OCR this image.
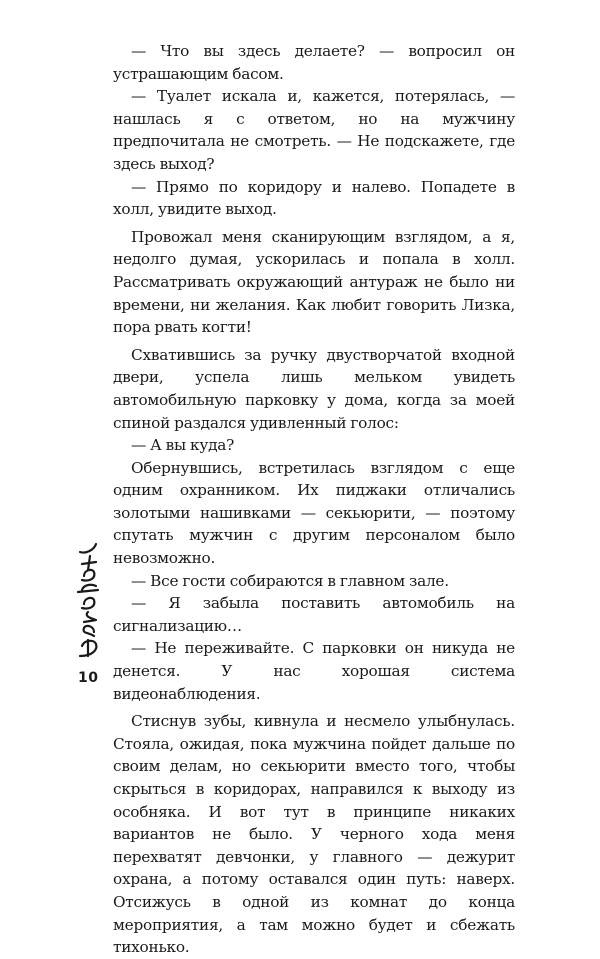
— Что вы здесь делаете? — вопросил он устрашающим басом.

— Туалет искала и, кажется, потерялась, — нашлась я с ответом, но на мужчину предпочитала не смотреть. — Не подскажете, где здесь выход?

— Прямо по коридору и налево. Попадете в холл, увидите выход.

Провожал меня сканирующим взглядом, а я, недолго думая, ускорилась и попала в холл. Рассматривать окружающий антураж не было ни времени, ни желания. Как любит говорить Лизка, пора рвать когти!

Схватившись за ручку двустворчатой входной двери, успела лишь мельком увидеть автомобильную парковку у дома, когда за моей спиной раздался удивленный голос:

— А вы куда?

Обернувшись, встретилась взглядом с еще одним охранником. Их пиджаки отличались золотыми нашивками — секьюрити, — поэтому спутать мужчин с другим персоналом было невозможно.

— Все гости собираются в главном зале.

— Я забыла поставить автомобиль на сигнализацию…

— Не переживайте. С парковки он никуда не денется. У нас хорошая система видеонаблюдения.

Стиснув зубы, кивнула и несмело улыбнулась. Стояла, ожидая, пока мужчина пойдет дальше по своим делам, но секьюрити вместо того, чтобы скрыться в коридорах, направился к выходу из особняка. И вот тут в принципе никаких вариантов не было. У черного хода меня перехватят девчонки, у главного — дежурит охрана, а потому оставался один путь: наверх. Отсижусь в одной из комнат до конца мероприятия, а там можно будет и сбежать тихонько.

10
